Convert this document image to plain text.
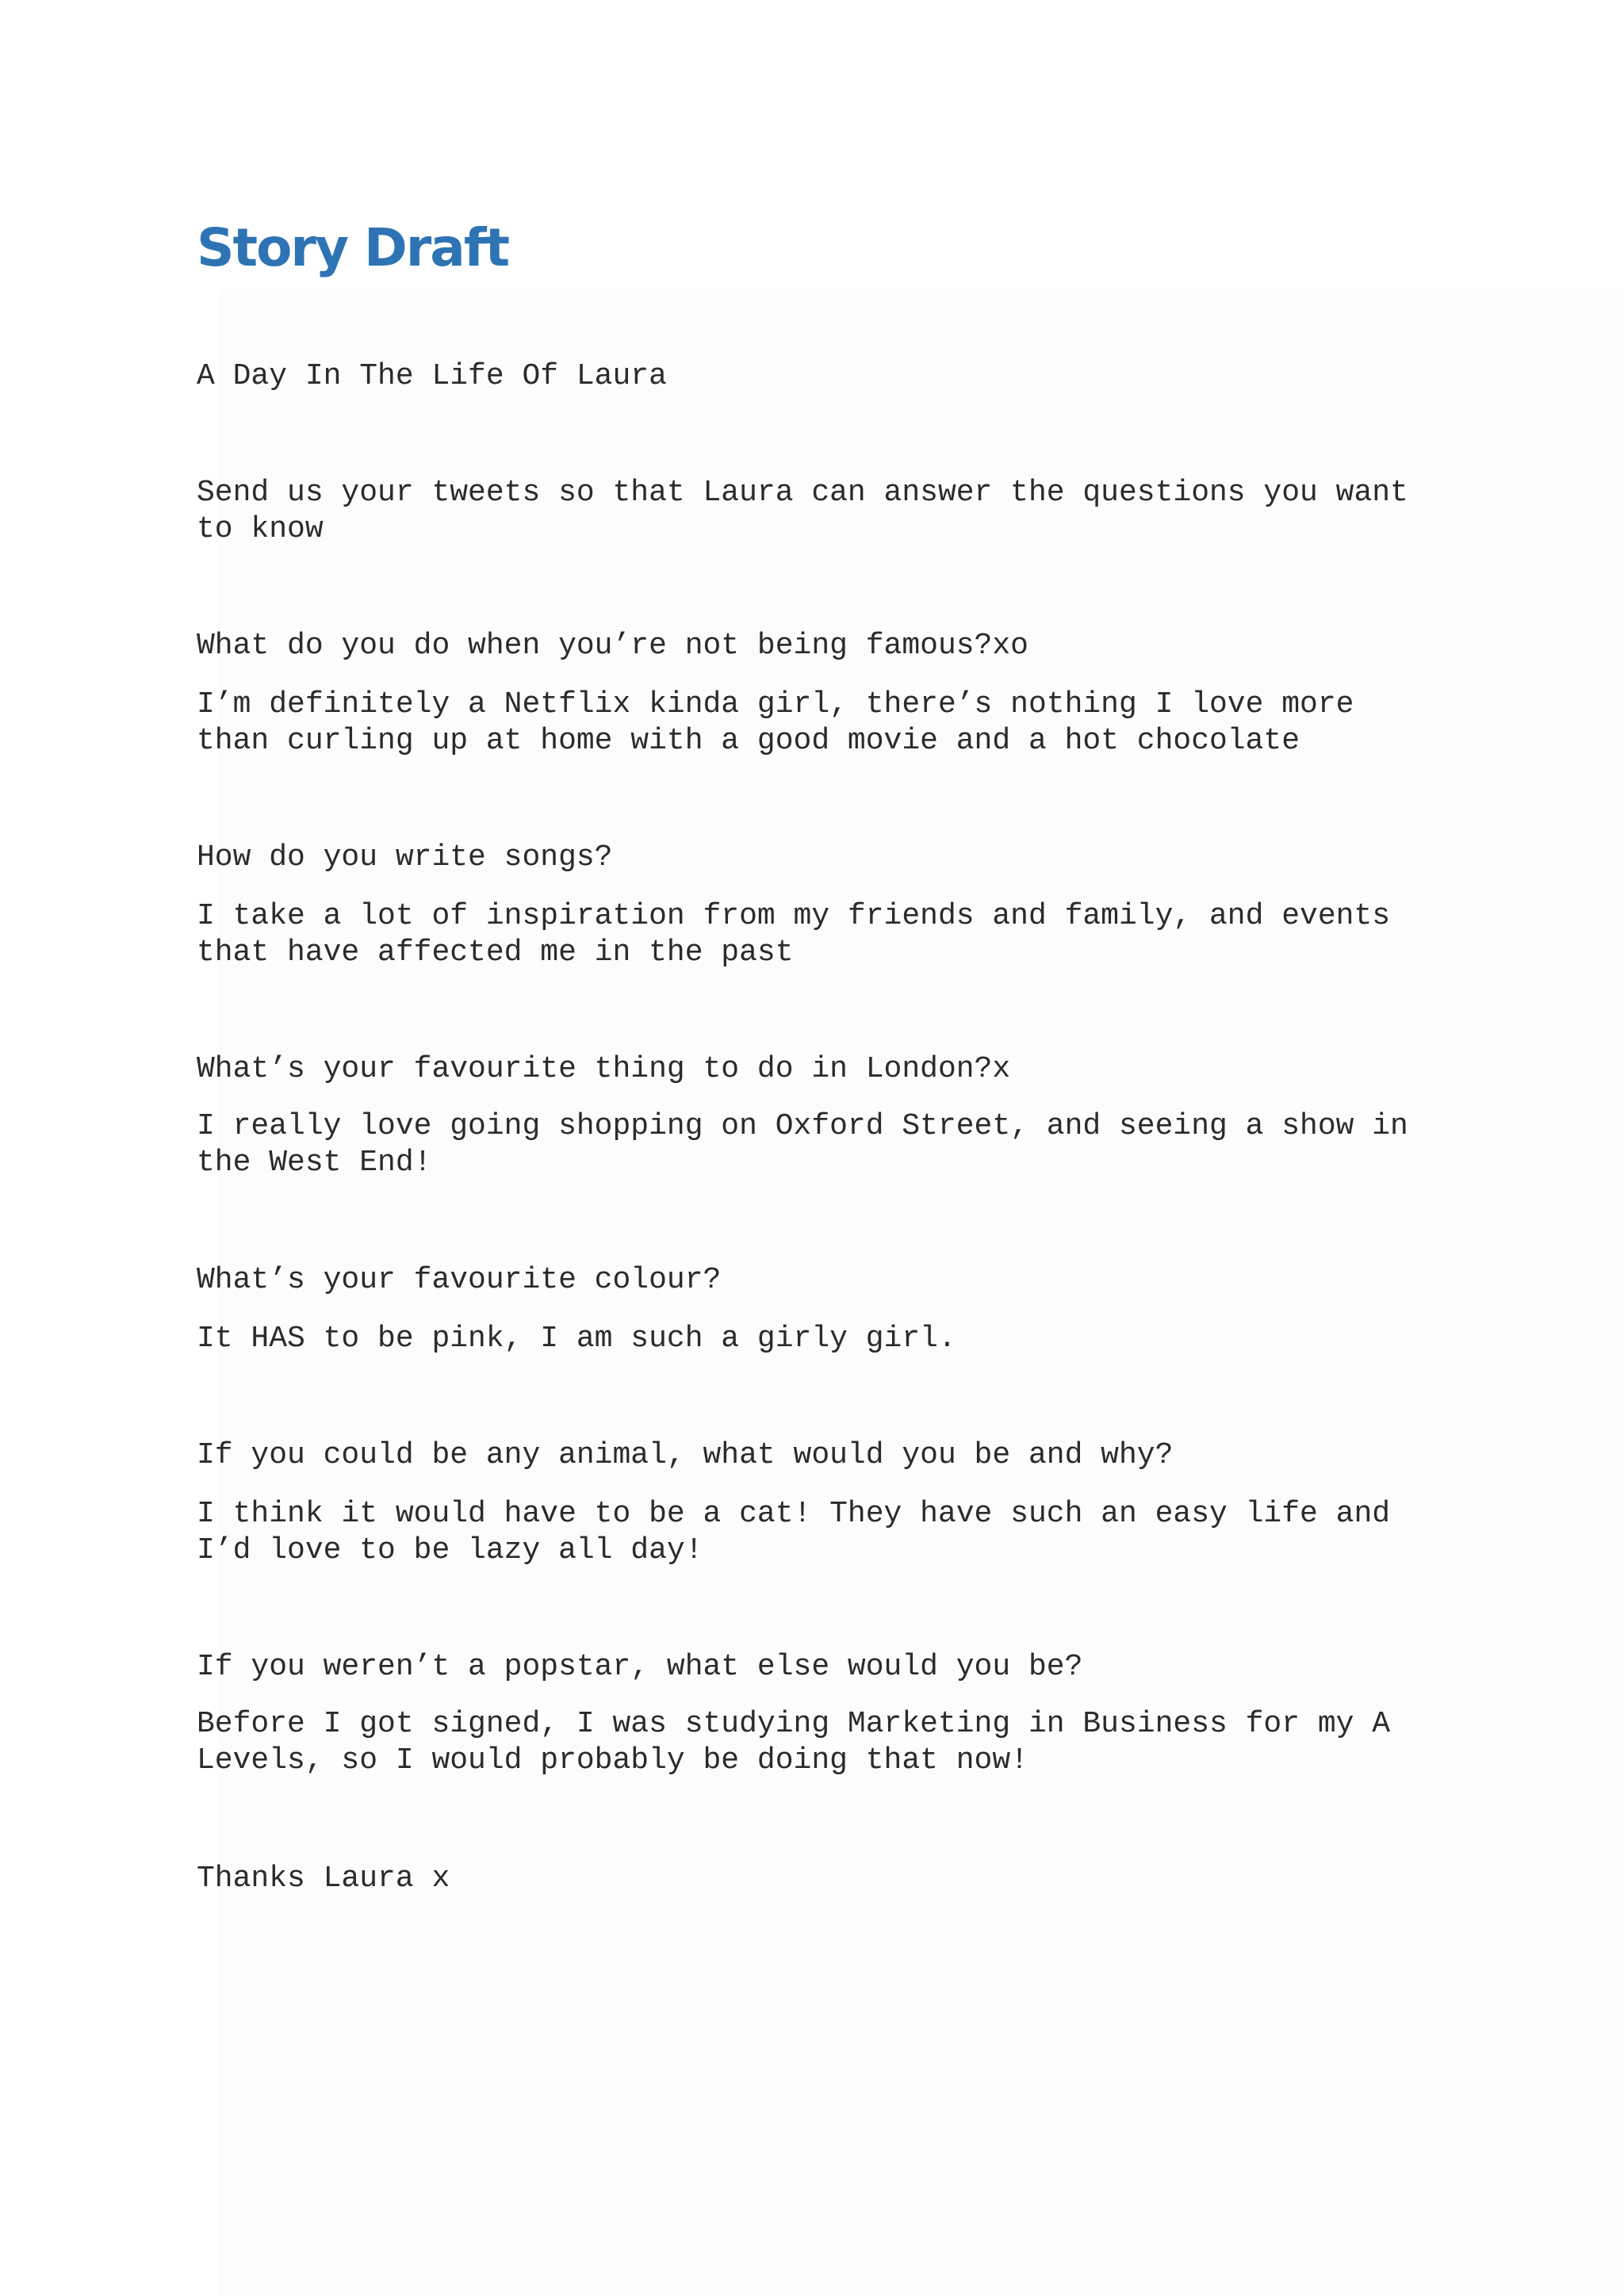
Story Draft

A Day In The Life Of Laura

Send us your tweets so that Laura can answer the questions you want to know

What do you do when you’re not being famous?xo

I’m definitely a Netflix kinda girl, there’s nothing I love more than curling up at home with a good movie and a hot chocolate

How do you write songs?

I take a lot of inspiration from my friends and family, and events that have affected me in the past

What’s your favourite thing to do in London?x

I really love going shopping on Oxford Street, and seeing a show in the West End!

What’s your favourite colour?

It HAS to be pink, I am such a girly girl.

If you could be any animal, what would you be and why?

I think it would have to be a cat! They have such an easy life and I’d love to be lazy all day!

If you weren’t a popstar, what else would you be?

Before I got signed, I was studying Marketing in Business for my A Levels, so I would probably be doing that now!

Thanks Laura x
